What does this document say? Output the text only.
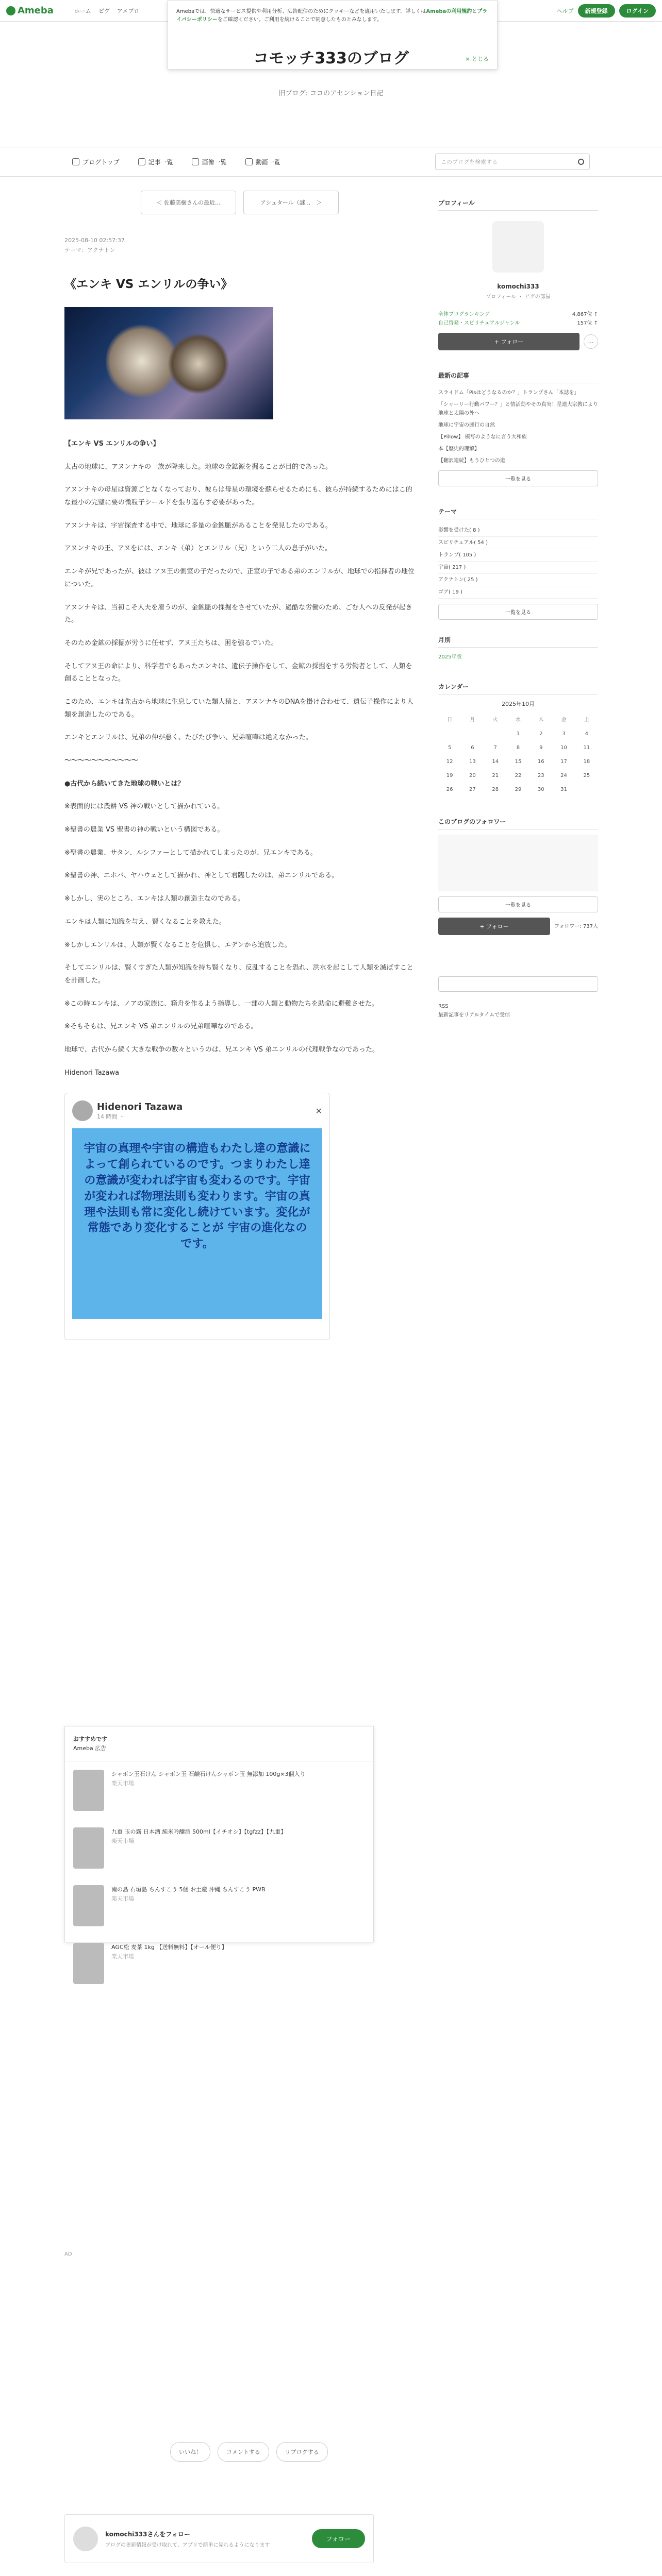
Ameba	ホーム ピグ アメブロ	ヘルプ	新規登録	ログイン
Amebaでは、快適なサービス提供や利用分析、広告配信のためにクッキーなどを適用いたします。詳しくはAmebaの利用規約とプライバシーポリシーをご確認ください。ご利用を続けることで同意したものとみなします。
× とじる
コモッチ333のブログ
旧ブログ: ココのアセンション日記
ブログトップ	記事一覧	画像一覧	動画一覧	このブログを検索する
＜ 佐藤美樹さんの最近...	アシュタール（謎...　＞
2025-08-10 02:57:37
テーマ：アクナトン
《エンキ VS エンリルの争い》

【エンキ VS エンリルの争い】

太古の地球に、アヌンナキの一族が降来した。地球の金鉱源を掘ることが目的であった。

アヌンナキの母星は資源ごとなくなっており、彼らは母星の環境を蘇らせるためにも、彼らが持続するためにはこ的な最小の完璧に要の微粒子シールドを張り巡らす必要があった。

アヌンナキは、宇宙探査する中で、地球に多量の金鉱脈があることを発見したのである。

アヌンナキの王、アヌをには、エンキ（弟）とエンリル（兄）という二人の息子がいた。

エンキが兄であったが、彼は アヌ王の側室の子だったので、正室の子である弟のエンリルが、地球での指揮者の地位についた。

アヌンナキは、当初こそ人夫を雇うのが、金鉱脈の採掘をさせていたが、過酷な労働のため、ごむ人への反発が起きた。

そのため金鉱の採掘が労うに任せず、アヌ王たちは、困を強るでいた。

そしてアヌ王の命により、科学者でもあったエンキは、遺伝子操作をして、金鉱の採掘をする労働者として、人類を創ることとなった。

このため、エンキは先古から地球に生息していた類人猿と、アヌンナキのDNAを掛け合わせて、遺伝子操作により人類を創造したのである。

エンキとエンリルは、兄弟の仲が悪く、たびたび争い、兄弟喧嘩は絶えなかった。

〜〜〜〜〜〜〜〜〜〜〜

●古代から続いてきた地球の戦いとは？

※表面的には農耕 VS 神の戦いとして描かれている。

※聖書の農業 VS 聖書の神の戦いという構図である。

※聖書の農業、サタン、ルシファーとして描かれてしまったのが、兄エンキである。

※聖書の神、エホバ、ヤハウェとして描かれ、神として君臨したのは、弟エンリルである。

※しかし、実のところ、エンキは人類の創造主なのである。

エンキは人類に知識を与え、賢くなることを教えた。

※しかしエンリルは、人類が賢くなることを危惧し、エデンから追放した。

そしてエンリルは、賢くすぎた人類が知識を持ち賢くなり、反乱することを恐れ、洪水を起こして人類を滅ぼすことを計画した。

※この時エンキは、ノアの家族に、箱舟を作るよう指導し、一部の人類と動物たちを助命に避難させた。

※そもそもは、兄エンキ VS 弟エンリルの兄弟喧嘩なのである。

地球で、古代から続く大きな戦争の数々というのは、兄エンキ VS 弟エンリルの代理戦争なのであった。

Hidenori Tazawa

Hidenori Tazawa
14 時間 ・
✕
宇宙の真理や宇宙の構造もわたし達の意識によって創られているのです。つまりわたし達の意識が変われば宇宙も変わるのです。宇宙が変われば物理法則も変わります。宇宙の真理や法則も常に変化し続けています。変化が常態であり変化することが 宇宙の進化なのです。
おすすめです
Ameba 広告
シャボン玉石けん シャボン玉 石鹸石けんシャボン玉 無添加 100g×3個入り
楽天市場
九重 玉の露 日本酒 純米吟醸酒 500ml【イチオシ】【tgfzz】【九重】
楽天市場
南の島 石垣島 ちんすこう 5個 お土産 沖縄 ちんすこう PWB
楽天市場
AGC松 麦茶 1kg 【送料無料】【オール便り】
楽天市場
AD
いいね！	コメントする	リブログする
komochi333さんをフォロー
ブログの更新情報が受け取れて、アプリで簡単に見れるようになります
フォロー

プロフィール
komochi333
プロフィール ・ ピグの部屋
全体ブログランキング	4,867位 ↑
自己啓発・スピリチュアルジャンル	157位 ↑
+ フォロー	…
最新の記事
スライドム「Pisはどうなるのか？」トランプさん「本誌を」
「シャーリー行動パワー？」と情活動やその真実！星連大宗教により地球と太陽の外へ
地球に宇宙の運行の自然
【Pillow】 模写のようなに言う大和族
本【歴史的理解】
【翻訳連続】もうひとつの道
一覧を見る
テーマ
影響を受けた( 8 )
スピリチュアル( 54 )
トランプ( 105 )
宇宙( 217 )
アクナトン( 25 )
ゴア( 19 )
一覧を見る
月別
2025年版
カレンダー
2025年10月
日	月	火	水	木	金	土
			1	2	3	4
5	6	7	8	9	10	11
12	13	14	15	16	17	18
19	20	21	22	23	24	25
26	27	28	29	30	31	
このブログのフォロワー
一覧を見る
+ フォロー	フォロワー: 737人
RSS
最新記事をリアルタイムで受信
